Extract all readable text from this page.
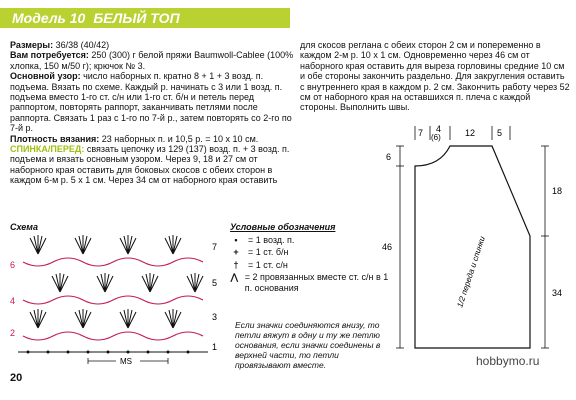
Модель 10 БЕЛЫЙ ТОП
Размеры: 36/38 (40/42)
Вам потребуется: 250 (300) г белой пряжи Baumwoll-Cablee (100% хлопка, 150 м/50 г); крючок № 3.
Основной узор: число наборных п. кратно 8 + 1 + 3 возд. п. подъема. Вязать по схеме. Каждый р. начинать с 3 или 1 возд. п. подъема вместо 1-го ст. с/н или 1-го ст. б/н и петель перед раппортом, повторять раппорт, заканчивать петлями после раппорта. Связать 1 раз с 1-го по 7-й р., затем повторять со 2-го по 7-й р.
Плотность вязания: 23 наборных п. и 10,5 р. = 10 х 10 см.
СПИНКА/ПЕРЕД: связать цепочку из 129 (137) возд. п. + 3 возд. п. подъема и вязать основным узором. Через 9, 18 и 27 см от наборного края оставить для боковых скосов с обеих сторон в каждом 6-м р. 5 х 1 см. Через 34 см от наборного края оставить
для скосов реглана с обеих сторон 2 см и попеременно в каждом 2-м р. 10 х 1 см. Одновременно через 46 см от наборного края оставить для выреза горловины средние 10 см и обе стороны закончить раздельно. Для закругления оставить с внутреннего края в каждом р. 2 см. Закончить работу через 52 см от наборного края на оставшихся п. плеча с каждой стороны. Выполнить швы.
Схема
7
5
3
1
6
4
2
MS
Условные обозначения
•	= 1 возд. п.
+	= 1 ст. б/н
†	= 1 ст. с/н
⋀ = 2 провязанных вместе ст. с/н в 1 п. основания
Если значки соединяются внизу, то петли вяжут в одну и ту же петлю основания, если значки соединены в верхней части, то петли провязывают вместе.
7 4
(6)	12 5
6
46
18
34
1/2 переда и спинки
20
hobbymo.ru
